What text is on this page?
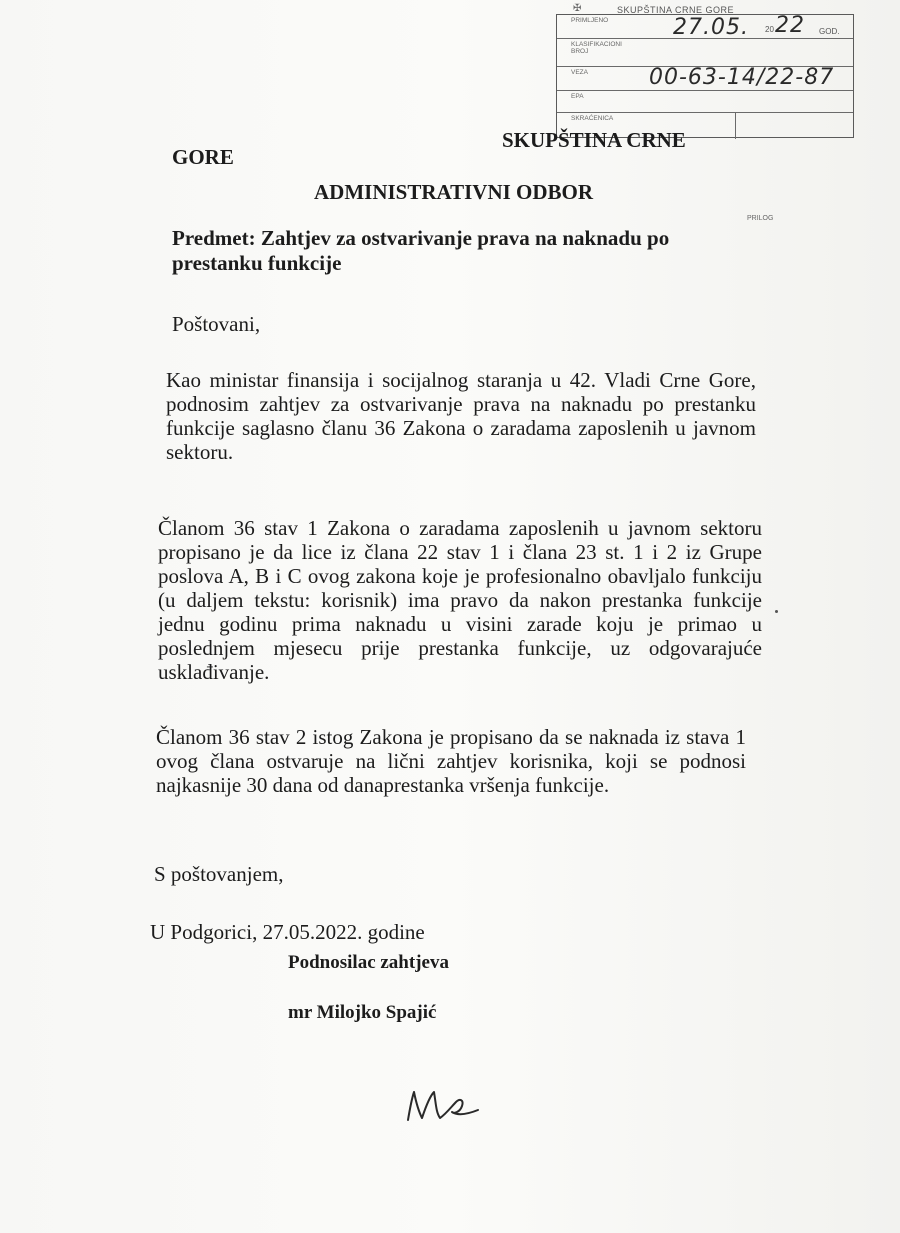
✠	SKUPŠTINA CRNE GORE
PRIMLJENO	27.05. 20 22 GOD.
KLASIFIKACIONI BROJ
00-63-14/22-87
VEZA
EPA
SKRAĆENICA
PRILOG
SKUPŠTINA CRNE
GORE
ADMINISTRATIVNI ODBOR
Predmet: Zahtjev za ostvarivanje prava na naknadu po prestanku funkcije
Poštovani,
Kao ministar finansija i socijalnog staranja u 42. Vladi Crne Gore, podnosim zahtjev za ostvarivanje prava na naknadu po prestanku funkcije saglasno članu 36 Zakona o zaradama zaposlenih u javnom sektoru.
Članom 36 stav 1 Zakona o zaradama zaposlenih u javnom sektoru propisano je da lice iz člana 22 stav 1 i člana 23 st. 1 i 2 iz Grupe poslova A, B i C ovog zakona koje je profesionalno obavljalo funkciju (u daljem tekstu: korisnik) ima pravo da nakon prestanka funkcije jednu godinu prima naknadu u visini zarade koju je primao u poslednjem mjesecu prije prestanka funkcije, uz odgovarajuće usklađivanje.
Članom 36 stav 2 istog Zakona je propisano da se naknada iz stava 1 ovog člana ostvaruje na lični zahtjev korisnika, koji se podnosi najkasnije 30 dana od danaprestanka vršenja funkcije.
S poštovanjem,
U Podgorici, 27.05.2022. godine
Podnosilac zahtjeva
mr Milojko Spajić
